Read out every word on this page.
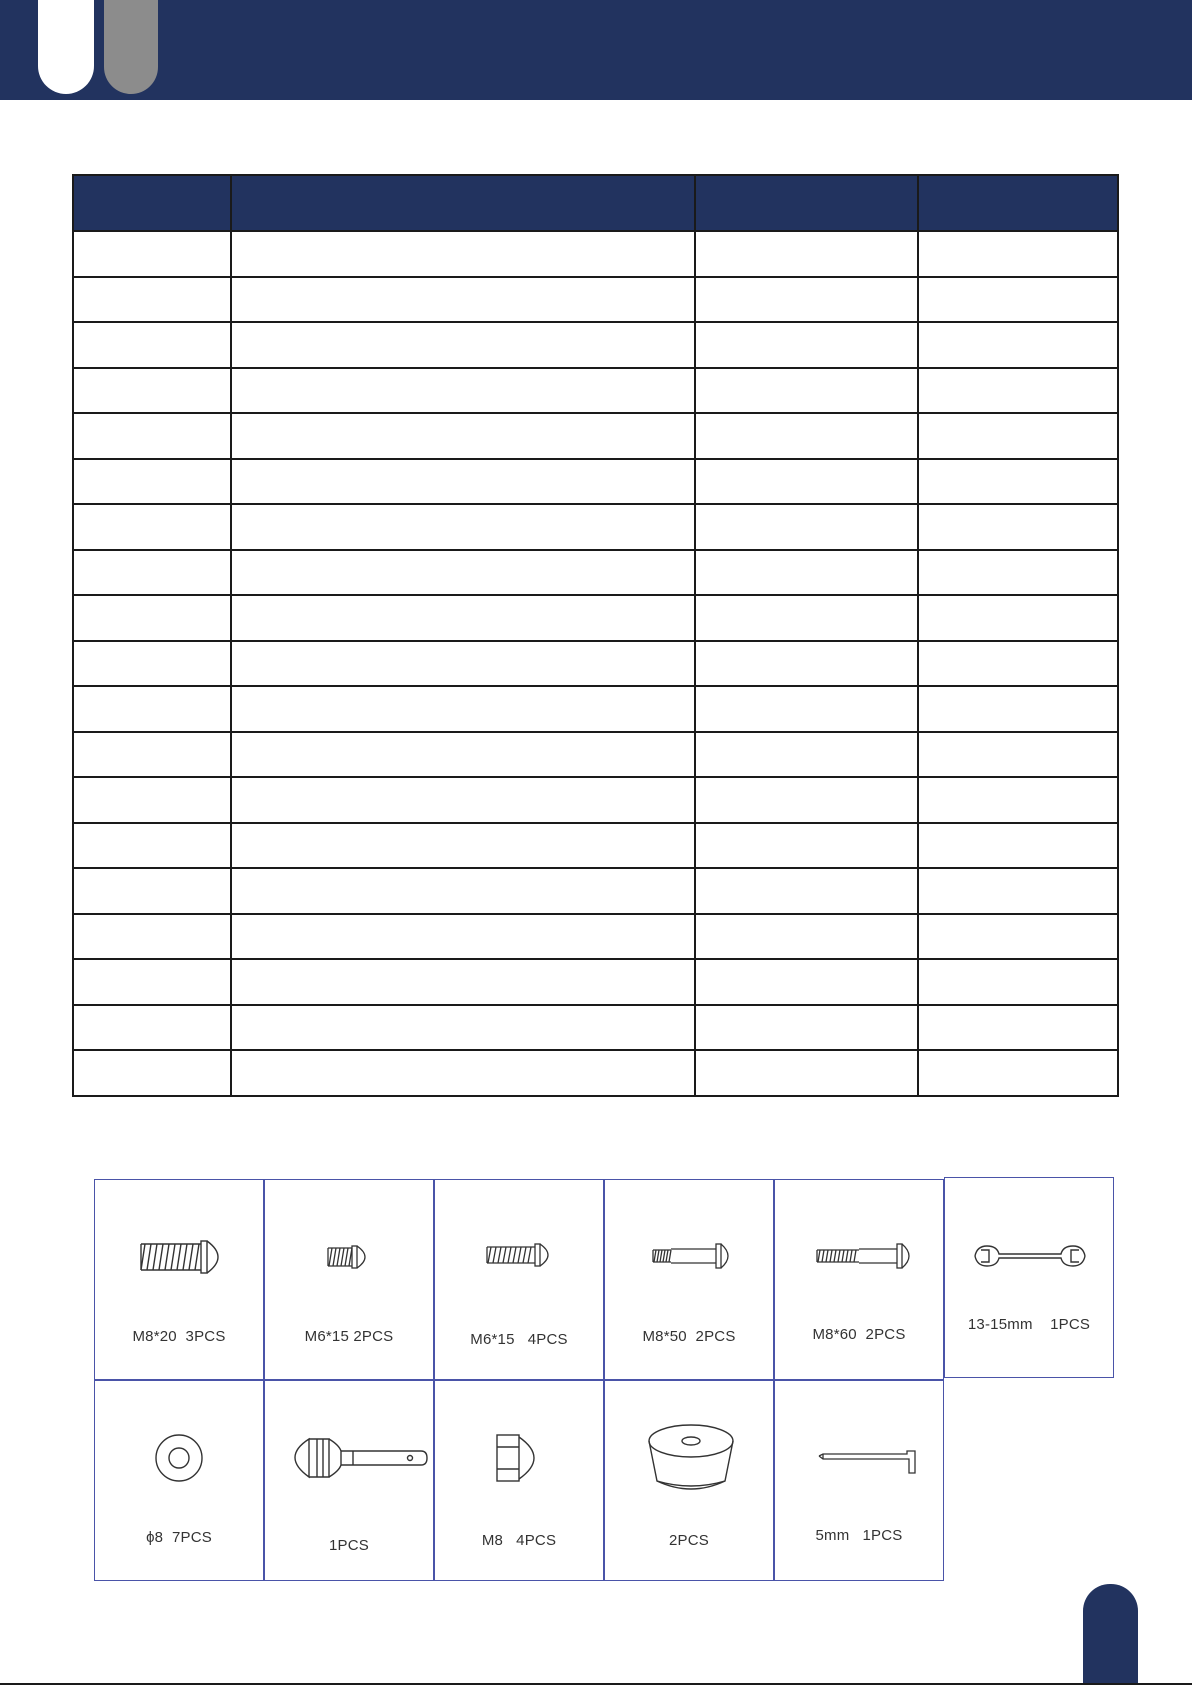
M8*20  3PCS	M6*15 2PCS	M6*15   4PCS	M8*50  2PCS	M8*60  2PCS
13-15mm    1PCS
ϕ8  7PCS	1PCS	M8   4PCS	2PCS	5mm   1PCS
